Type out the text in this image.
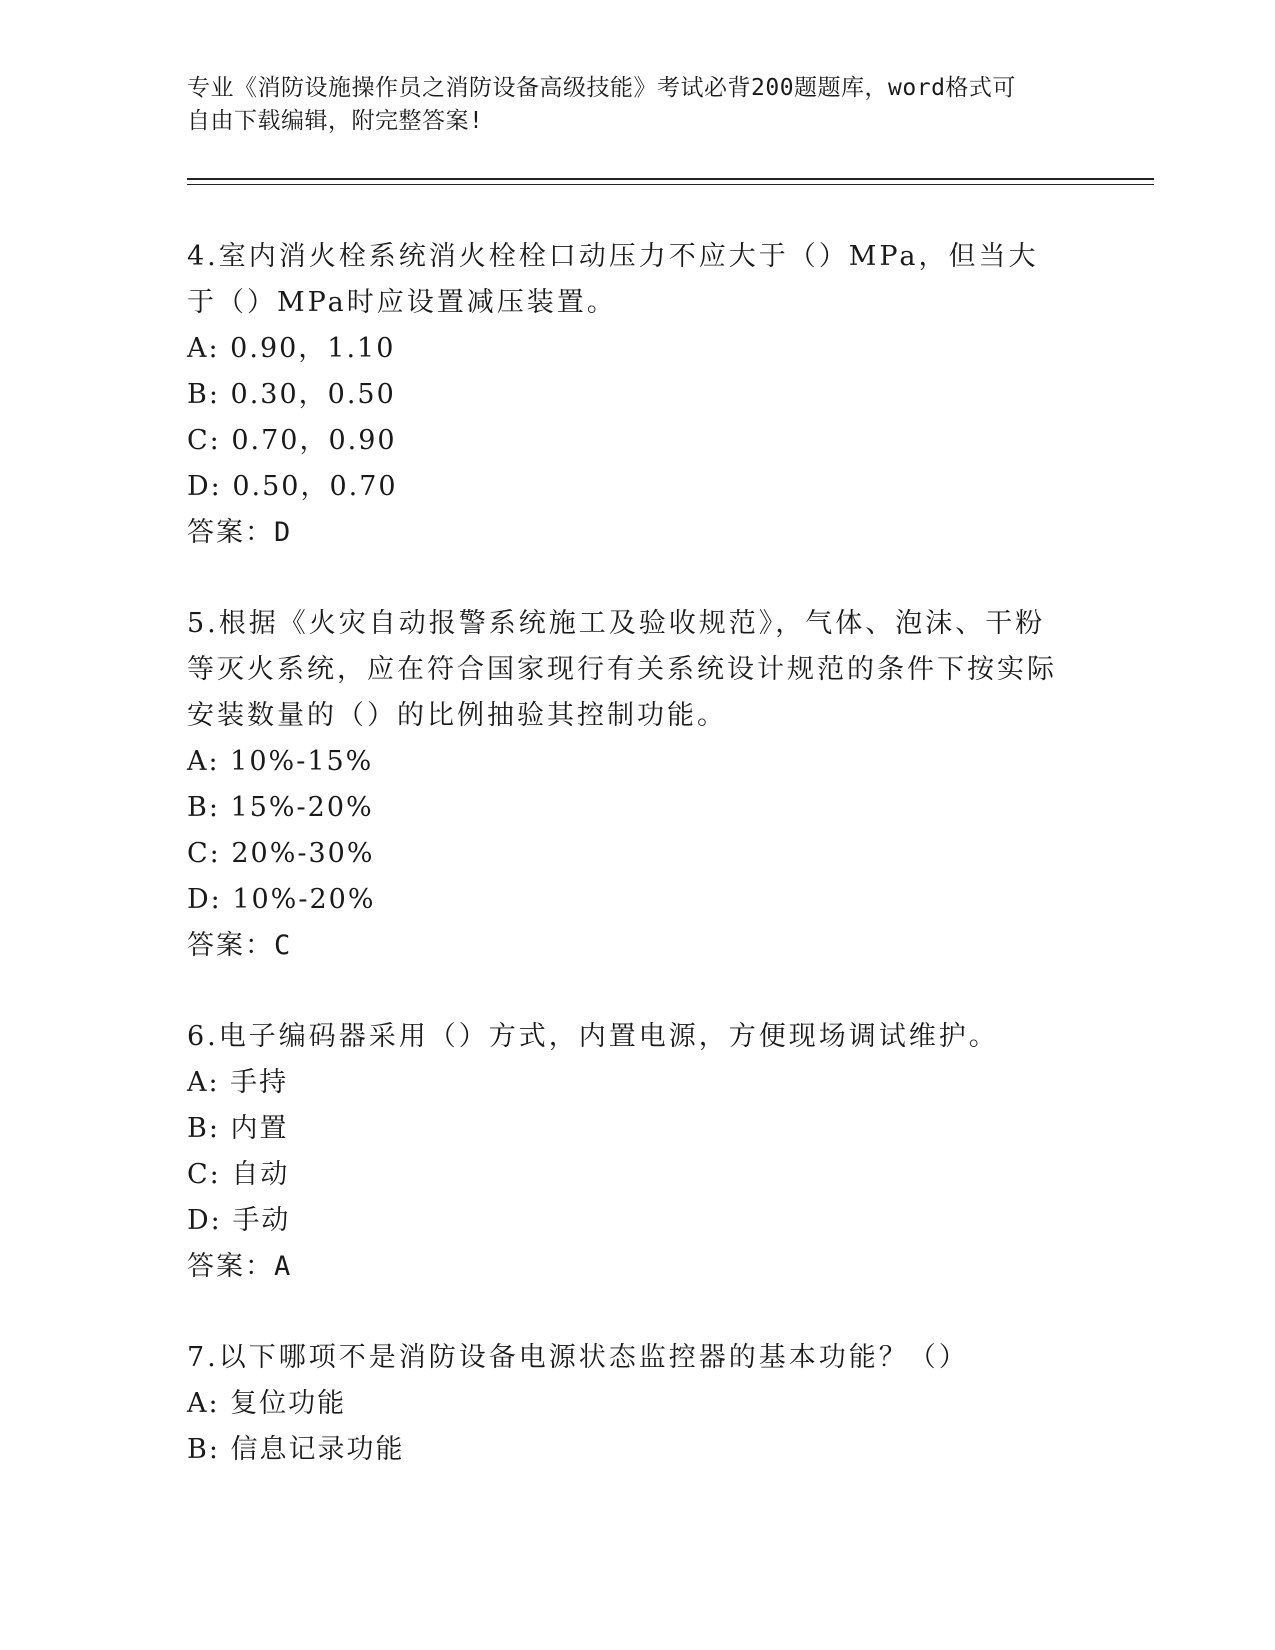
专业《消防设施操作员之消防设备高级技能》考试必背200题题库，word格式可
自由下载编辑，附完整答案!
4.室内消火栓系统消火栓栓口动压力不应大于（）MPa，但当大于（）MPa时应设置减压装置。
A: 0.90，1.10
B: 0.30，0.50
C: 0.70，0.90
D: 0.50，0.70
答案：D
5.根据《火灾自动报警系统施工及验收规范》，气体、泡沫、干粉等灭火系统，应在符合国家现行有关系统设计规范的条件下按实际安装数量的（）的比例抽验其控制功能。
A: 10%-15%
B: 15%-20%
C: 20%-30%
D: 10%-20%
答案：C
6.电子编码器采用（）方式，内置电源，方便现场调试维护。
A: 手持
B: 内置
C: 自动
D: 手动
答案：A
7.以下哪项不是消防设备电源状态监控器的基本功能？（）
A: 复位功能
B: 信息记录功能
